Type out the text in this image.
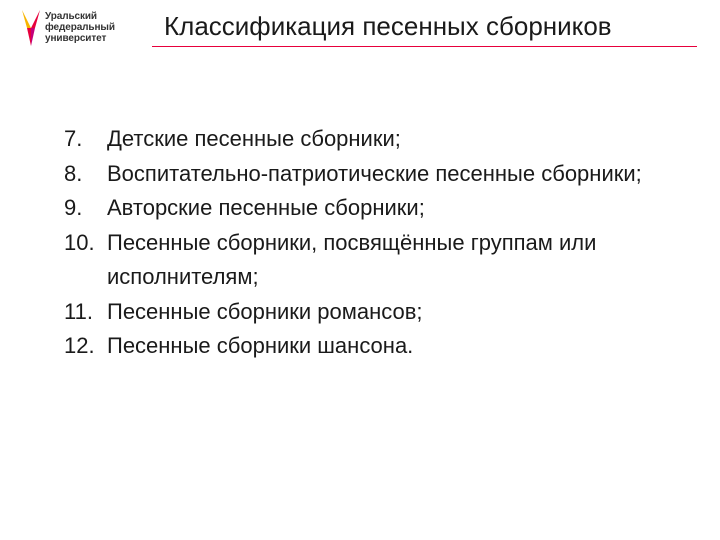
Уральский
федеральный
университет	Классификация песенных сборников
7. Детские песенные сборники;
8. Воспитательно-патриотические песенные сборники;
9. Авторские песенные сборники;
10. Песенные сборники, посвящённые группам или исполнителям;
11. Песенные сборники романсов;
12. Песенные сборники шансона.
